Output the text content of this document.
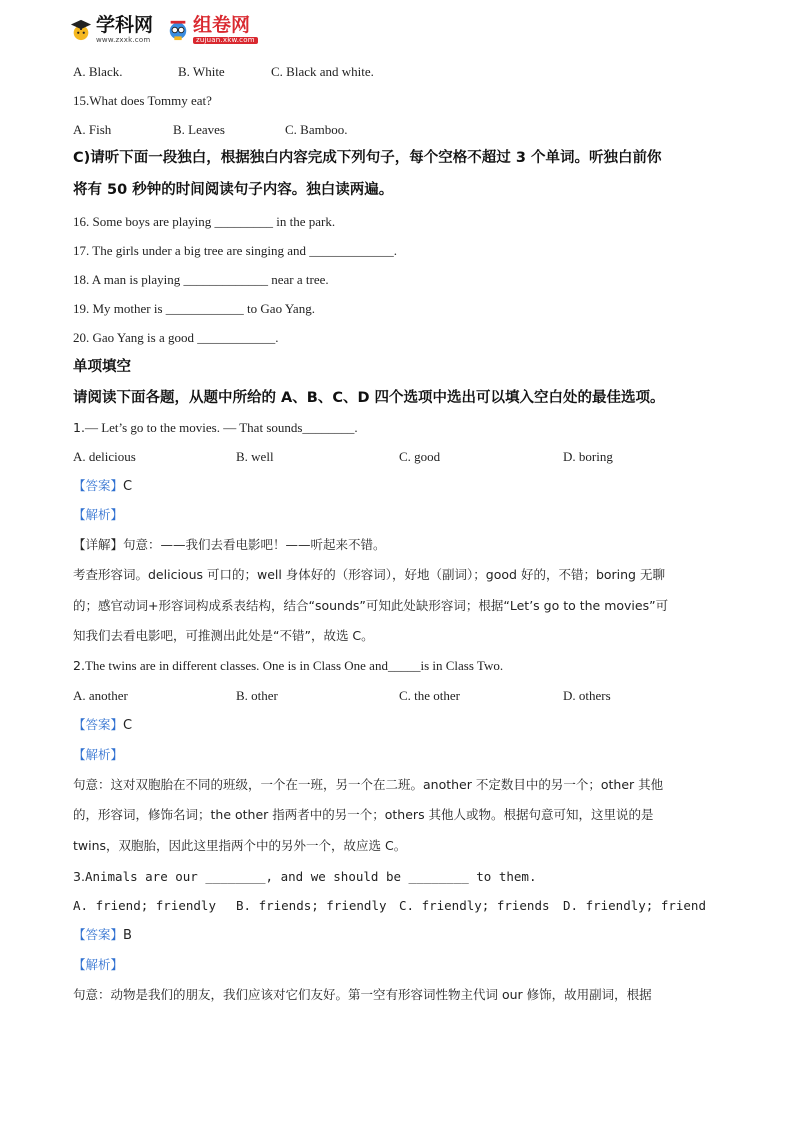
学科网
www.zxxk.com
组卷网
zujuan.xkw.com
A. Black.	B. White	C. Black and white.
15.What does Tommy eat?
A. Fish	B. Leaves	C. Bamboo.
C)请听下面一段独白，根据独白内容完成下列句子，每个空格不超过 3 个单词。听独白前你
将有 50 秒钟的时间阅读句子内容。独白读两遍。
16. Some boys are playing _________ in the park.
17. The girls under a big tree are singing and _____________.
18. A man is playing _____________ near a tree.
19. My mother is ____________ to Gao Yang.
20. Gao Yang is a good ____________.
单项填空
请阅读下面各题，从题中所给的 A、B、C、D 四个选项中选出可以填入空白处的最佳选项。
1.— Let’s go to the movies. — That sounds________.
A. delicious	B. well	C. good	D. boring
【答案】C
【解析】
【详解】句意：——我们去看电影吧！——听起来不错。
考查形容词。delicious 可口的；well 身体好的（形容词），好地（副词）；good 好的，不错；boring 无聊
的；感官动词+形容词构成系表结构，结合“sounds”可知此处缺形容词；根据“Let’s go to the movies”可
知我们去看电影吧，可推测出此处是“不错”，故选 C。
2.The twins are in different classes. One is in Class One and_____is in Class Two.
A. another	B. other	C. the other	D. others
【答案】C
【解析】
句意：这对双胞胎在不同的班级，一个在一班，另一个在二班。another 不定数目中的另一个；other 其他
的，形容词，修饰名词；the other 指两者中的另一个；others 其他人或物。根据句意可知，这里说的是
twins，双胞胎，因此这里指两个中的另外一个，故应选 C。
3.Animals are our ________, and we should be ________ to them.
A. friend; friendly B. friends; friendly C. friendly; friends D. friendly; friend
【答案】B
【解析】
句意：动物是我们的朋友，我们应该对它们友好。第一空有形容词性物主代词 our 修饰，故用副词，根据
